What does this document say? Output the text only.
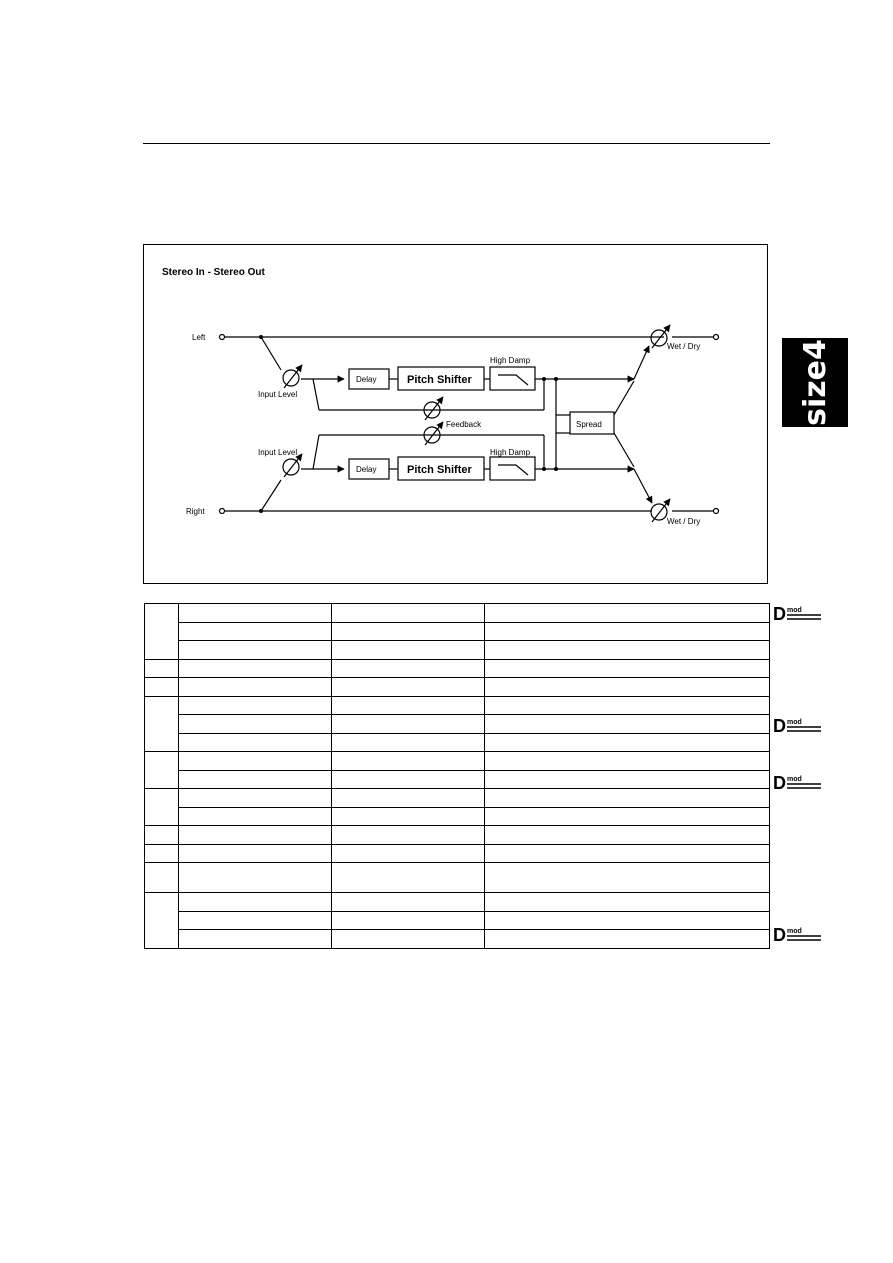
Stereo In - Stereo Out
Left
Right
Input Level
Input Level
Feedback
Wet / Dry
Wet / Dry
High Damp
High Damp
Delay
Delay
Pitch Shifter
Pitch Shifter
Spread	size4

D mod
D mod
D mod
D mod
